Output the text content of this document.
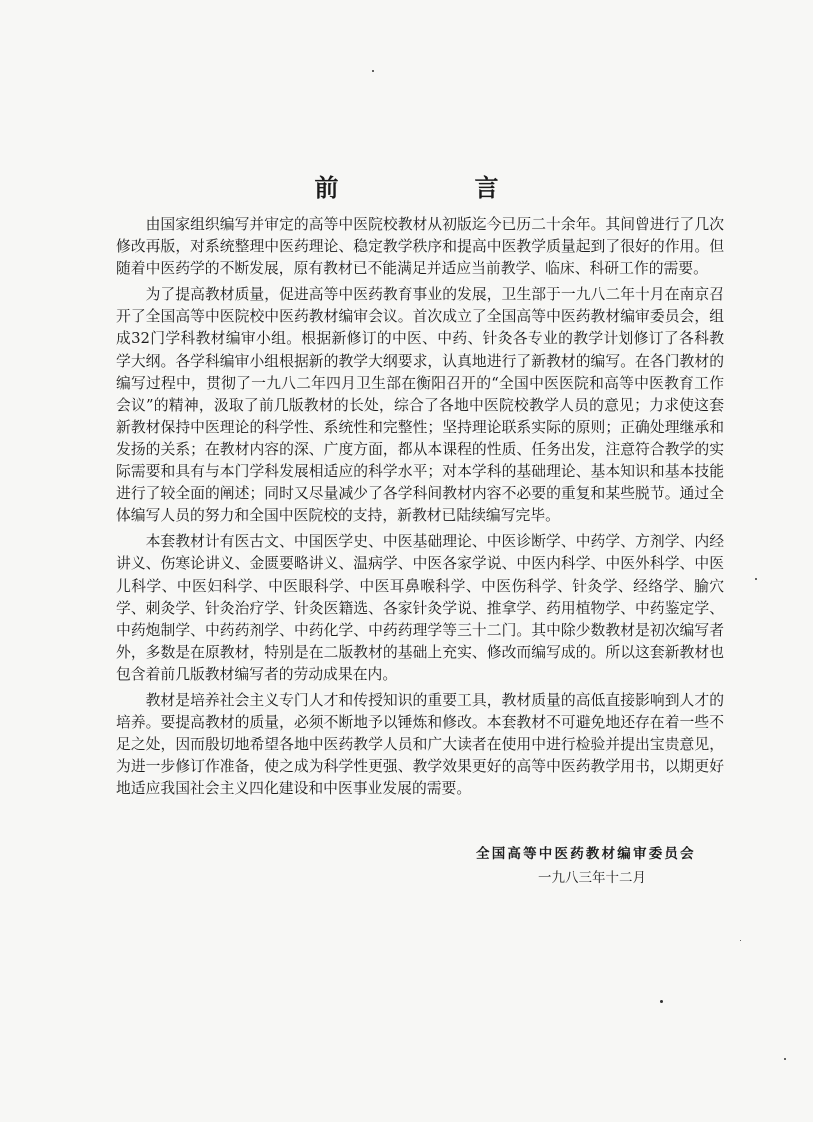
前　言

由国家组织编写并审定的高等中医院校教材从初版迄今已历二十余年。其间曾进行了几次修改再版，对系统整理中医药理论、稳定教学秩序和提高中医教学质量起到了很好的作用。但随着中医药学的不断发展，原有教材已不能满足并适应当前教学、临床、科研工作的需要。

为了提高教材质量，促进高等中医药教育事业的发展，卫生部于一九八二年十月在南京召开了全国高等中医院校中医药教材编审会议。首次成立了全国高等中医药教材编审委员会，组成32门学科教材编审小组。根据新修订的中医、中药、针灸各专业的教学计划修订了各科教学大纲。各学科编审小组根据新的教学大纲要求，认真地进行了新教材的编写。在各门教材的编写过程中，贯彻了一九八二年四月卫生部在衡阳召开的“全国中医医院和高等中医教育工作会议”的精神，汲取了前几版教材的长处，综合了各地中医院校教学人员的意见；力求使这套新教材保持中医理论的科学性、系统性和完整性；坚持理论联系实际的原则；正确处理继承和发扬的关系；在教材内容的深、广度方面，都从本课程的性质、任务出发，注意符合教学的实际需要和具有与本门学科发展相适应的科学水平；对本学科的基础理论、基本知识和基本技能进行了较全面的阐述；同时又尽量减少了各学科间教材内容不必要的重复和某些脱节。通过全体编写人员的努力和全国中医院校的支持，新教材已陆续编写完毕。

本套教材计有医古文、中国医学史、中医基础理论、中医诊断学、中药学、方剂学、内经讲义、伤寒论讲义、金匮要略讲义、温病学、中医各家学说、中医内科学、中医外科学、中医儿科学、中医妇科学、中医眼科学、中医耳鼻喉科学、中医伤科学、针灸学、经络学、腧穴学、刺灸学、针灸治疗学、针灸医籍选、各家针灸学说、推拿学、药用植物学、中药鉴定学、中药炮制学、中药药剂学、中药化学、中药药理学等三十二门。其中除少数教材是初次编写者外，多数是在原教材，特别是在二版教材的基础上充实、修改而编写成的。所以这套新教材也包含着前几版教材编写者的劳动成果在内。

教材是培养社会主义专门人才和传授知识的重要工具，教材质量的高低直接影响到人才的培养。要提高教材的质量，必须不断地予以锤炼和修改。本套教材不可避免地还存在着一些不足之处，因而殷切地希望各地中医药教学人员和广大读者在使用中进行检验并提出宝贵意见，为进一步修订作准备，使之成为科学性更强、教学效果更好的高等中医药教学用书，以期更好地适应我国社会主义四化建设和中医事业发展的需要。

全国高等中医药教材编审委员会

一九八三年十二月
